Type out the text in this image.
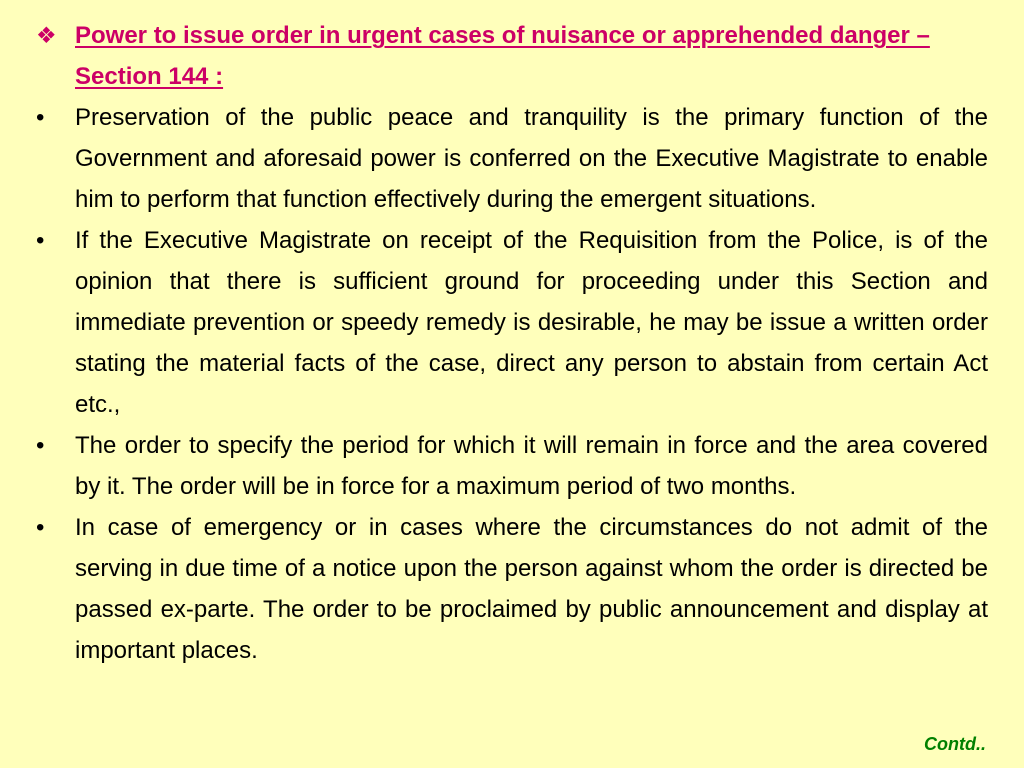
❖ Power to issue order in urgent cases of nuisance or apprehended danger – Section 144 :
•	Preservation of the public peace and tranquility is the primary function of the Government and aforesaid power is conferred on the Executive Magistrate to enable him to perform that function effectively during the emergent situations.
•	If the Executive Magistrate on receipt of the Requisition from the Police, is of the opinion that there is sufficient ground for proceeding under this Section and immediate prevention or speedy remedy is desirable, he may be issue a written order stating the material facts of the case, direct any person to abstain from certain Act etc.,
•	The order to specify the period for which it will remain in force and the area covered by it. The order will be in force for a maximum period of two months.
•	In case of emergency or in cases where the circumstances do not admit of the serving in due time of a notice upon the person against whom the order is directed be passed ex-parte. The order to be proclaimed by public announcement and display at important places.
Contd..
